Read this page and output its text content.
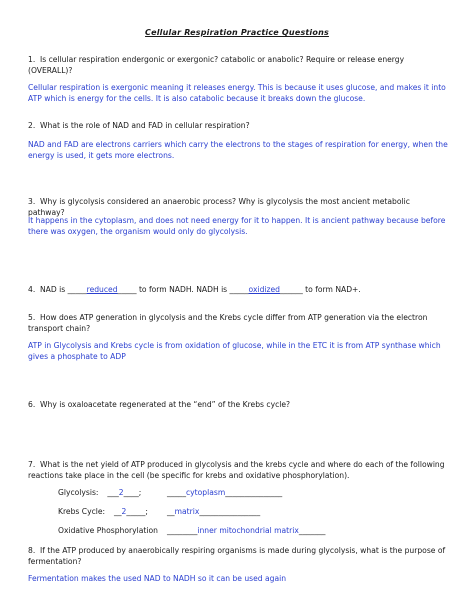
Cellular Respiration Practice Questions
1. Is cellular respiration endergonic or exergonic? catabolic or anabolic? Require or release energy
(OVERALL)?
Cellular respiration is exergonic meaning it releases energy. This is because it uses glucose, and makes it into
ATP which is energy for the cells. It is also catabolic because it breaks down the glucose.
2. What is the role of NAD and FAD in cellular respiration?
NAD and FAD are electrons carriers which carry the electrons to the stages of respiration for energy, when the
energy is used, it gets more electrons.
3. Why is glycolysis considered an anaerobic process? Why is glycolysis the most ancient metabolic pathway?
It happens in the cytoplasm, and does not need energy for it to happen. It is ancient pathway because before
there was oxygen, the organism would only do glycolysis.
4. NAD is _____reduced_____ to form NADH. NADH is _____oxidized______ to form NAD+.
5. How does ATP generation in glycolysis and the Krebs cycle differ from ATP generation via the electron
transport chain?
ATP in Glycolysis and Krebs cycle is from oxidation of glucose, while in the ETC it is from ATP synthase which
gives a phosphate to ADP
6. Why is oxaloacetate regenerated at the “end” of the Krebs cycle?
7. What is the net yield of ATP produced in glycolysis and the krebs cycle and where do each of the following
reactions take place in the cell (be specific for krebs and oxidative phosphorylation).
Glycolysis: ___2____;	_____cytoplasm_______________
Krebs Cycle: __2_____;	__matrix________________
Oxidative Phosphorylation ________inner mitochondrial matrix_______
8. If the ATP produced by anaerobically respiring organisms is made during glycolysis, what is the purpose of
fermentation?
Fermentation makes the used NAD to NADH so it can be used again
